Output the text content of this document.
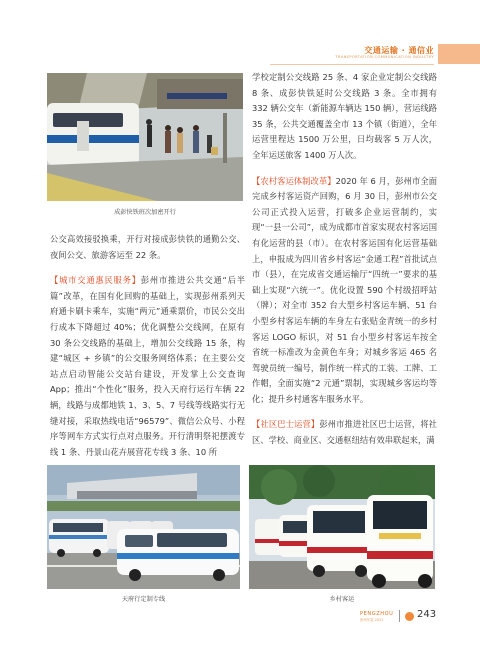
交通运输 · 通信业
TRANSPORTATION,COMMUNICATION INDUSTRY
成彭快铁班次加密开行

公交高效接驳换乘，开行对接成彭快铁的通勤公交、夜间公交、旅游客运至 22 条。

【城市交通惠民服务】彭州市推进公共交通“后半篇”改革，在国有化回购的基础上，实现彭州系列天府通卡刷卡乘车，实施“两元”通乘票价，市民公交出行成本下降超过 40%；优化调整公交线网，在原有 30 条公交线路的基础上，增加公交线路 15 条，构建“城区 + 乡镇”的公交服务网络体系；在主要公交站点启动智能公交站台建设，开发掌上公交查询 App；推出“个性化”服务，投入天府行运行车辆 22 辆，线路与成都地铁 1、3、5、7 号线等线路实行无缝对接，采取热线电话“96579”、微信公众号、小程序等网车方式实行点对点服务。开行清明祭祀摆渡专线 1 条、丹景山花卉展营花专线 3 条、10 所

学校定制公交线路 25 条、4 家企业定制公交线路 8 条、成彭快铁延时公交线路 3 条。全市拥有 332 辆公交车（新能源车辆达 150 辆），营运线路 35 条，公共交通覆盖全市 13 个镇（街道），全年运营里程达 1500 万公里，日均载客 5 万人次，全年运送旅客 1400 万人次。

【农村客运体制改革】2020 年 6 月，彭州市全面完成乡村客运资产回购，6 月 30 日，彭州市公交公司正式投入运营，打破多企业运营制约，实现“一县一公司”，成为成都市首家实现农村客运国有化运营的县（市）。在农村客运国有化运营基础上，申报成为四川省乡村客运“金通工程”首批试点市（县），在完成省交通运输厅“四统一”要求的基础上实现“六统一”。优化设置 590 个村级招呼站（牌）；对全市 352 台大型乡村客运车辆、51 台小型乡村客运车辆的车身左右张贴金青统一的乡村客运 LOGO 标识，对 51 台小型乡村客运车按全省统一标准改为金黄色车身；对城乡客运 465 名驾驶员统一编号，制作统一样式的工装、工牌、工作帽，全面实施“2 元通”票制，实现城乡客运均等化；提升乡村通客车服务水平。

【社区巴士运营】彭州市推进社区巴士运营，将社区、学校、商业区、交通枢纽结有效串联起来，满

天府行定制专线	乡村客运
PENGZHOU
彭州年鉴 2021	243
